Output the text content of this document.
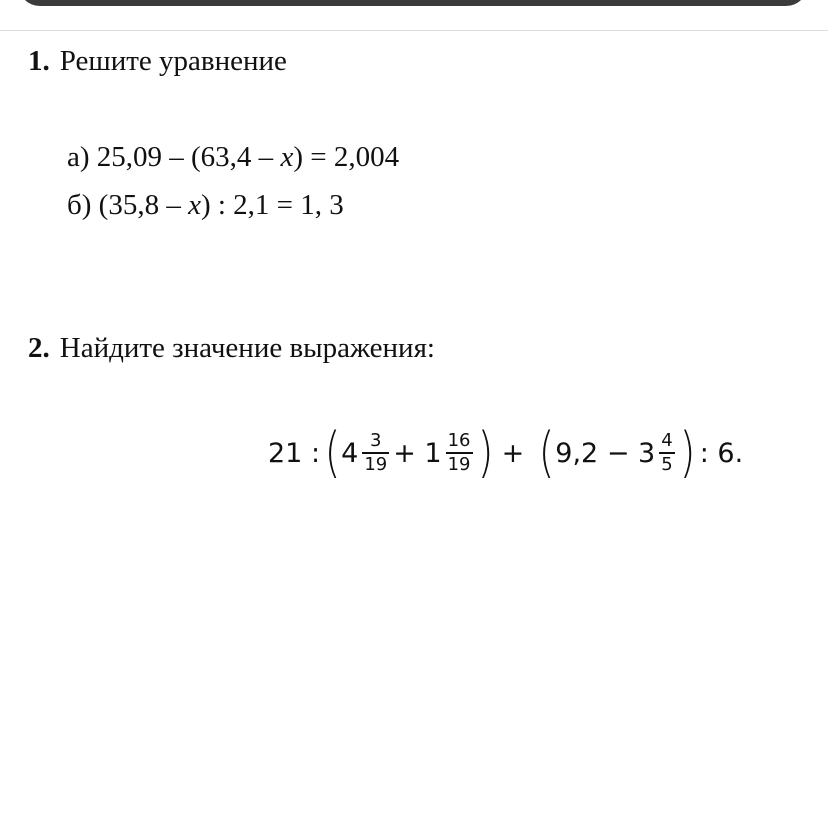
1. Решите уравнение
а) 25,09 – (63,4 – x) = 2,004
б) (35,8 – x) : 2,1 = 1, 3
2. Найдите значение выражения:
21 : ( $4 \frac{3}{19} + 1 \frac{16}{19}$ ) + ( $9,2 - 3 \frac{4}{5}$ ) : 6.
